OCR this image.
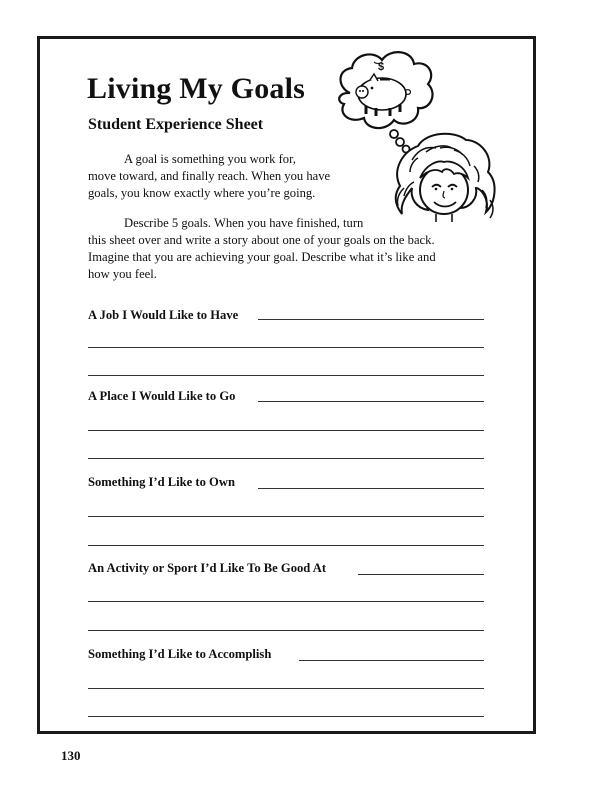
Living My Goals
Student Experience Sheet

A goal is something you work for,
move toward, and finally reach. When you have
goals, you know exactly where you’re going.

Describe 5 goals. When you have finished, turn
this sheet over and write a story about one of your goals on the back.
Imagine that you are achieving your goal. Describe what it’s like and
how you feel.

A Job I Would Like to Have
A Place I Would Like to Go
Something I’d Like to Own
An Activity or Sport I’d Like To Be Good At
Something I’d Like to Accomplish
130
$
